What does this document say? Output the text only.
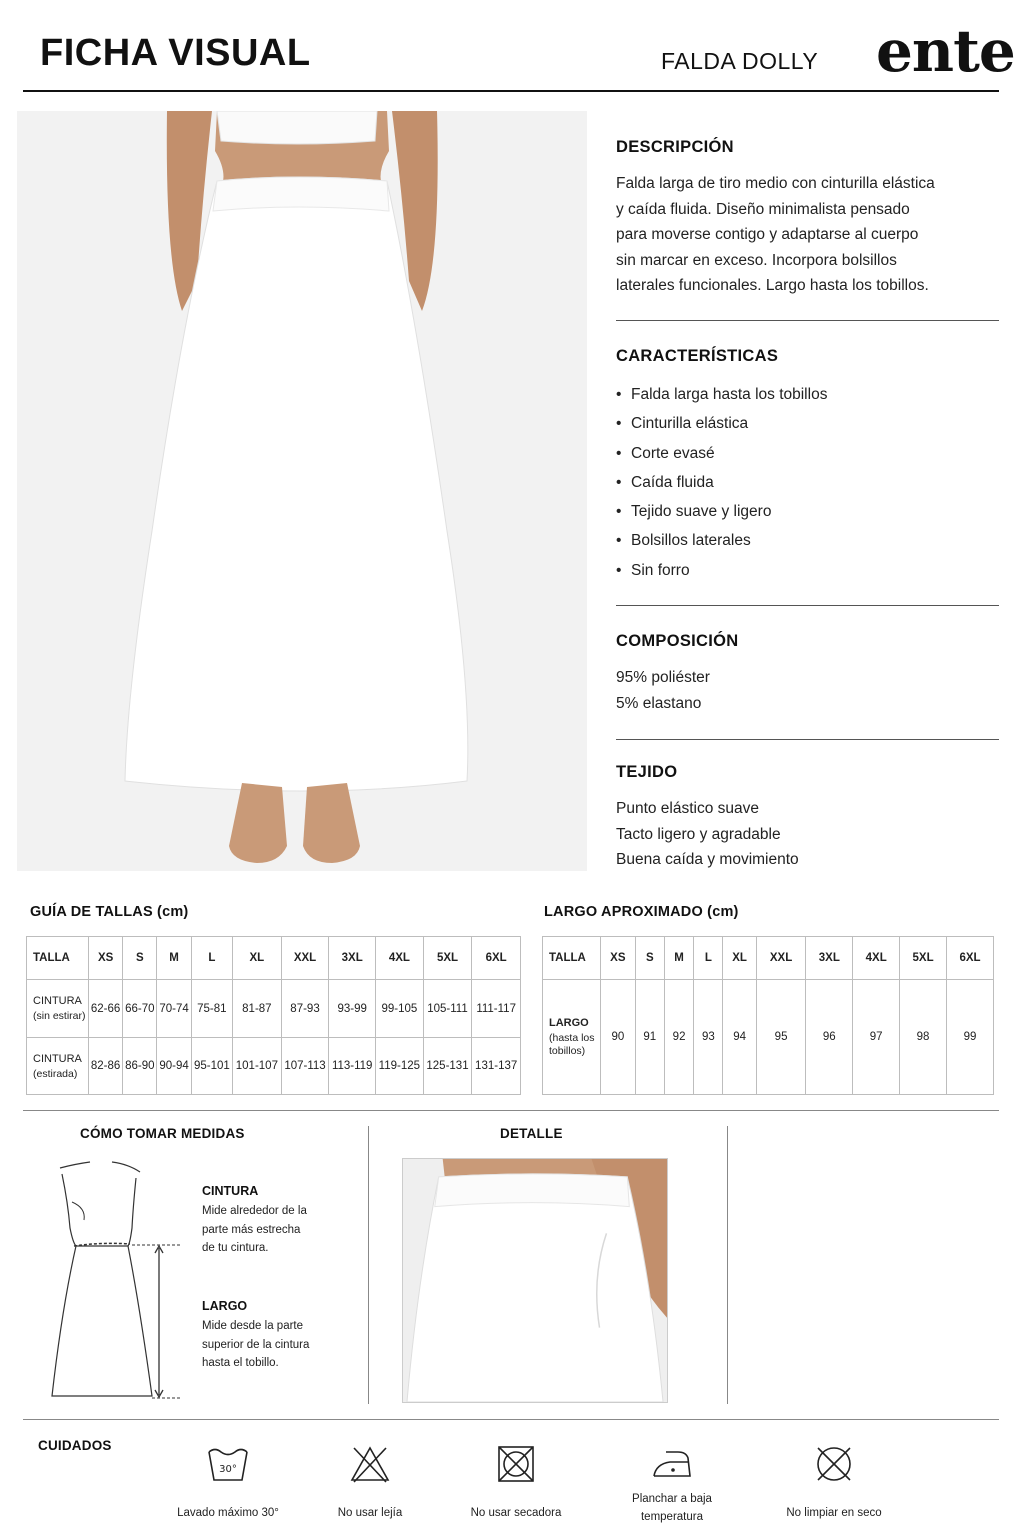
FICHA VISUAL	FALDA DOLLY ente
DESCRIPCIÓN

Falda larga de tiro medio con cinturilla elástica

y caída fluida. Diseño minimalista pensado

para moverse contigo y adaptarse al cuerpo

sin marcar en exceso. Incorpora bolsillos

laterales funcionales. Largo hasta los tobillos.

CARACTERÍSTICAS
• Falda larga hasta los tobillos
• Cinturilla elástica
• Corte evasé
• Caída fluida
• Tejido suave y ligero
• Bolsillos laterales
• Sin forro
COMPOSICIÓN

95% poliéster

5% elastano

TEJIDO

Punto elástico suave

Tacto ligero y agradable

Buena caída y movimiento

GUÍA DE TALLAS (cm)
TALLA	XS	S	M	L	XL	XXL	3XL	4XL	5XL	6XL

CINTURA
(sin estirar)	62-66	66-70	70-74	75-81	81-87	87-93	93-99	99-105	105-111	111-117

CINTURA
(estirada)	82-86	86-90	90-94	95-101	101-107	107-113	113-119	119-125	125-131	131-137
LARGO APROXIMADO (cm)
TALLA	XS	S	M	L	XL	XXL	3XL	4XL	5XL	6XL

LARGO
(hasta los
tobillos)	90	91	92	93	94	95	96	97	98	99
CÓMO TOMAR MEDIDAS
CINTURA

Mide alrededor de la

parte más estrecha

de tu cintura.

LARGO

Mide desde la parte

superior de la cintura

hasta el tobillo.

DETALLE
CUIDADOS
30°
Lavado máximo 30°	No usar lejía	No usar secadora
Planchar a baja
temperatura	No limpiar en seco
